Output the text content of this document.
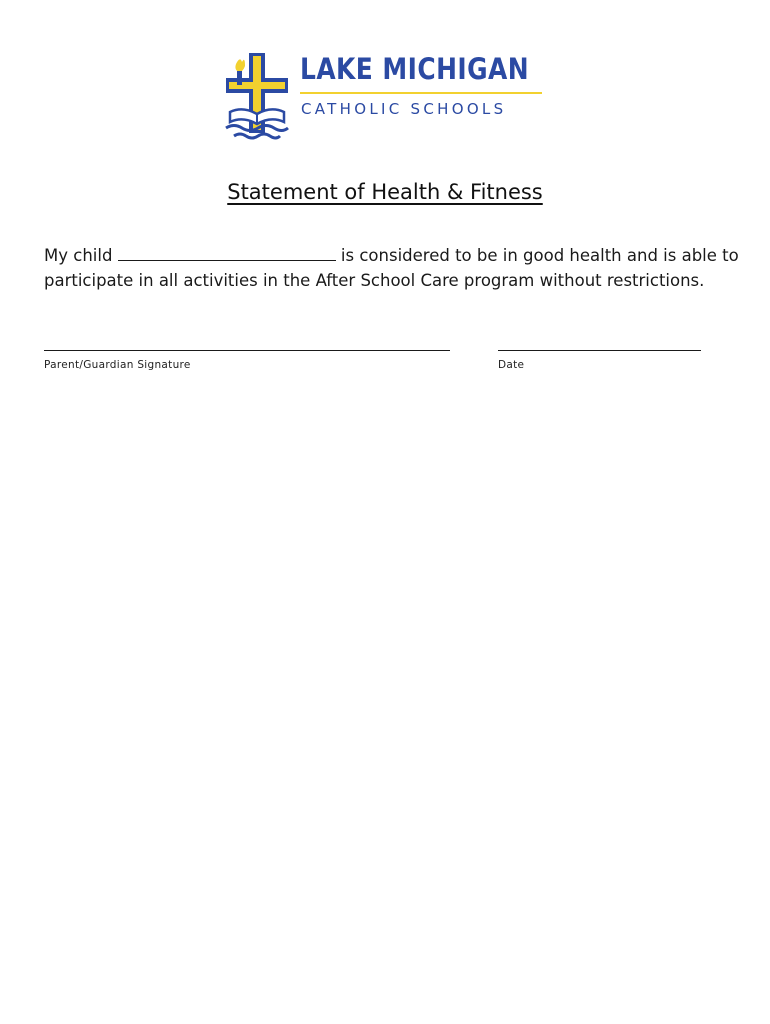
LAKE MICHIGAN
CATHOLIC SCHOOLS
Statement of Health & Fitness
My child	is considered to be in good health and is able to participate in all activities in the After School Care program without restrictions.
Parent/Guardian Signature	Date
